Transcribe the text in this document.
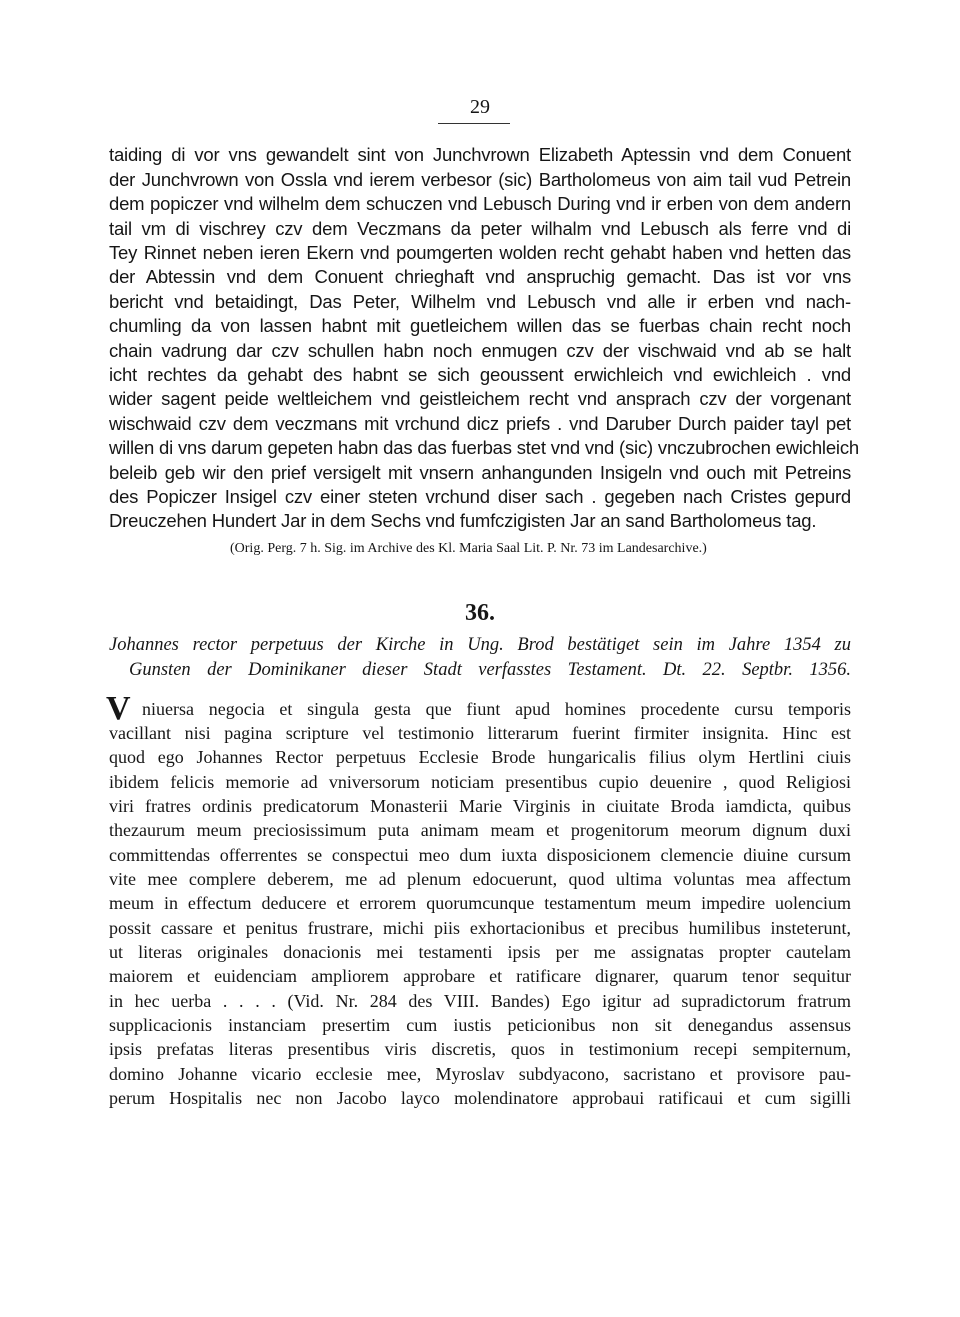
29
taiding di vor vns gewandelt sint von Junchvrown Elizabeth Aptessin vnd dem Conuent
der Junchvrown von Ossla vnd ierem verbesor (sic) Bartholomeus von aim tail vud Petrein
dem popiczer vnd wilhelm dem schuczen vnd Lebusch During vnd ir erben von dem andern
tail vm di vischrey czv dem Veczmans da peter wilhalm vnd Lebusch als ferre vnd di
Tey Rinnet neben ieren Ekern vnd poumgerten wolden recht gehabt haben vnd hetten das
der Abtessin vnd dem Conuent chrieghaft vnd anspruchig gemacht. Das ist vor vns
bericht vnd betaidingt, Das Peter, Wilhelm vnd Lebusch vnd alle ir erben vnd nach-
chumling da von lassen habnt mit guetleichem willen das se fuerbas chain recht noch
chain vadrung dar czv schullen habn noch enmugen czv der vischwaid vnd ab se halt
icht rechtes da gehabt des habnt se sich geoussent erwichleich vnd ewichleich . vnd
wider sagent peide weltleichem vnd geistleichem recht vnd ansprach czv der vorgenant
wischwaid czv dem veczmans mit vrchund dicz priefs . vnd Daruber Durch paider tayl pet
willen di vns darum gepeten habn das das fuerbas stet vnd vnd (sic) vnczubrochen ewichleich
beleib geb wir den prief versigelt mit vnsern anhangunden Insigeln vnd ouch mit Petreins
des Popiczer Insigel czv einer steten vrchund diser sach . gegeben nach Cristes gepurd
Dreuczehen Hundert Jar in dem Sechs vnd fumfczigisten Jar an sand Bartholomeus tag.
(Orig. Perg. 7 h. Sig. im Archive des Kl. Maria Saal Lit. P. Nr. 73 im Landesarchive.)
36.
Johannes rector perpetuus der Kirche in Ung. Brod bestätiget sein im Jahre 1354 zu
Gunsten der Dominikaner dieser Stadt verfasstes Testament. Dt. 22. Septbr. 1356.
V niuersa negocia et singula gesta que fiunt apud homines procedente cursu temporis
vacillant nisi pagina scripture vel testimonio litterarum fuerint firmiter insignita. Hinc est
quod ego Johannes Rector perpetuus Ecclesie Brode hungaricalis filius olym Hertlini ciuis
ibidem felicis memorie ad vniversorum noticiam presentibus cupio deuenire , quod Religiosi
viri fratres ordinis predicatorum Monasterii Marie Virginis in ciuitate Broda iamdicta, quibus
thezaurum meum preciosissimum puta animam meam et progenitorum meorum dignum duxi
committendas offerrentes se conspectui meo dum iuxta disposicionem clemencie diuine cursum
vite mee complere deberem, me ad plenum edocuerunt, quod ultima voluntas mea affectum
meum in effectum deducere et errorem quorumcunque testamentum meum impedire uolencium
possit cassare et penitus frustrare, michi piis exhortacionibus et precibus humilibus insteterunt,
ut literas originales donacionis mei testamenti ipsis per me assignatas propter cautelam
maiorem et euidenciam ampliorem approbare et ratificare dignarer, quarum tenor sequitur
in hec uerba . . . . (Vid. Nr. 284 des VIII. Bandes) Ego igitur ad supradictorum fratrum
supplicacionis instanciam presertim cum iustis peticionibus non sit denegandus assensus
ipsis prefatas literas presentibus viris discretis, quos in testimonium recepi sempiternum,
domino Johanne vicario ecclesie mee, Myroslav subdyacono, sacristano et provisore pau-
perum Hospitalis nec non Jacobo layco molendinatore approbaui ratificaui et cum sigilli
